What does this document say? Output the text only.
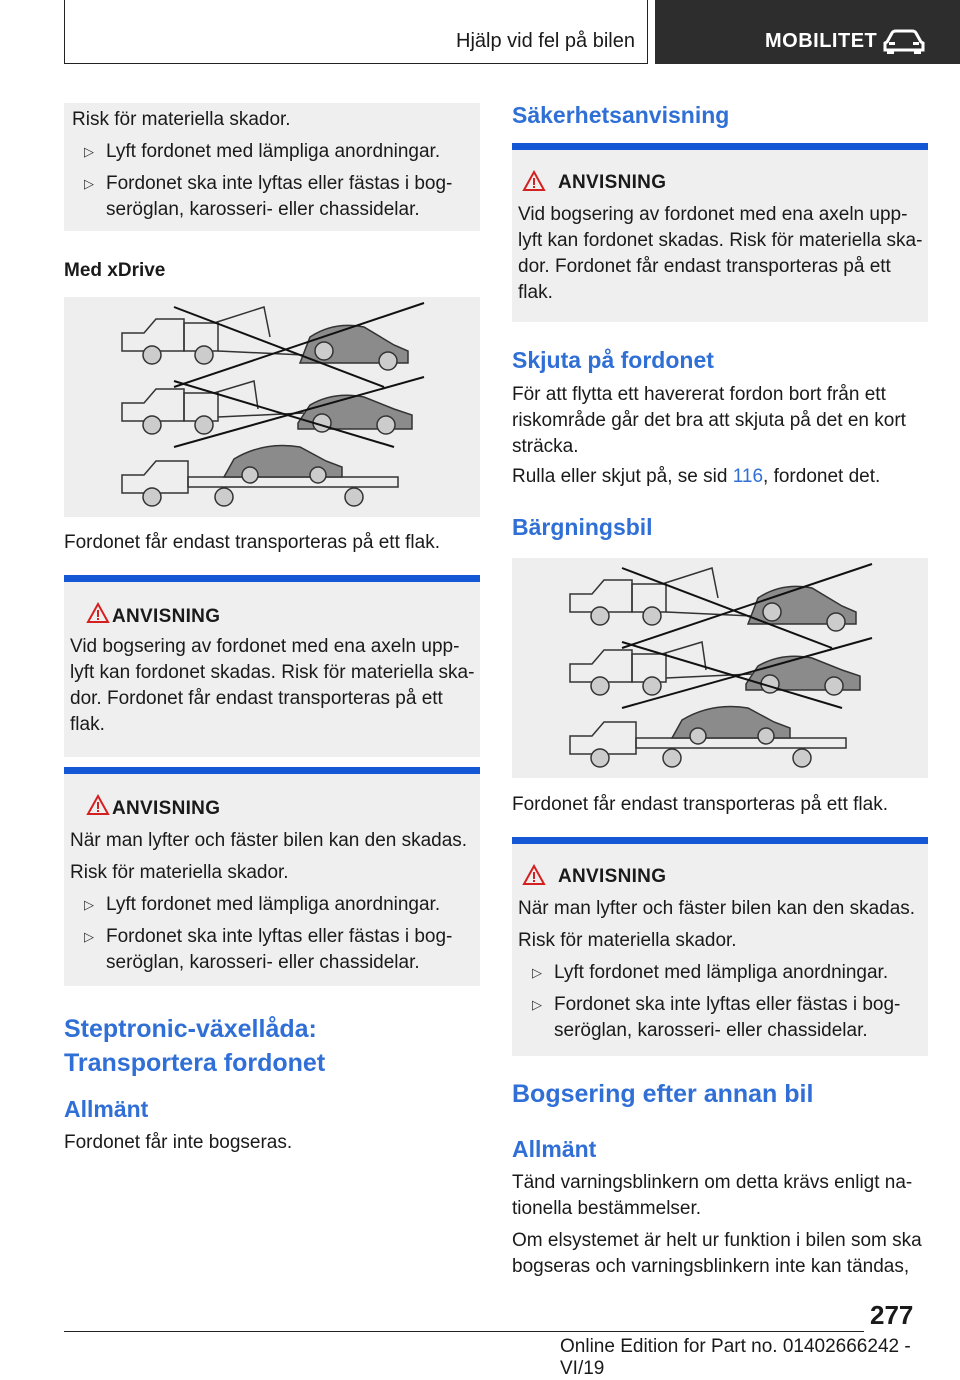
Hjälp vid fel på bilen	MOBILITET
Risk för materiella skador.
▷ Lyft fordonet med lämpliga anordningar.
▷ Fordonet ska inte lyftas eller fästas i bog-
seröglan, karosseri- eller chassidelar.
Med xDrive
Fordonet får endast transporteras på ett flak.
ANVISNING
Vid bogsering av fordonet med ena axeln upp-
lyft kan fordonet skadas. Risk för materiella ska-
dor. Fordonet får endast transporteras på ett
flak.
ANVISNING
När man lyfter och fäster bilen kan den skadas.
Risk för materiella skador.
▷ Lyft fordonet med lämpliga anordningar.
▷ Fordonet ska inte lyftas eller fästas i bog-
seröglan, karosseri- eller chassidelar.
Steptronic-växellåda:
Transportera fordonet
Allmänt
Fordonet får inte bogseras.
Säkerhetsanvisning
ANVISNING
Vid bogsering av fordonet med ena axeln upp-
lyft kan fordonet skadas. Risk för materiella ska-
dor. Fordonet får endast transporteras på ett
flak.
Skjuta på fordonet
För att flytta ett havererat fordon bort från ett
riskområde går det bra att skjuta på det en kort
sträcka.
Rulla eller skjut på, se sid 116, fordonet det.
Bärgningsbil
Fordonet får endast transporteras på ett flak.
ANVISNING
När man lyfter och fäster bilen kan den skadas.
Risk för materiella skador.
▷ Lyft fordonet med lämpliga anordningar.
▷ Fordonet ska inte lyftas eller fästas i bog-
seröglan, karosseri- eller chassidelar.
Bogsering efter annan bil
Allmänt
Tänd varningsblinkern om detta krävs enligt na-
tionella bestämmelser.
Om elsystemet är helt ur funktion i bilen som ska
bogseras och varningsblinkern inte kan tändas,
277
Online Edition for Part no. 01402666242 - VI/19
